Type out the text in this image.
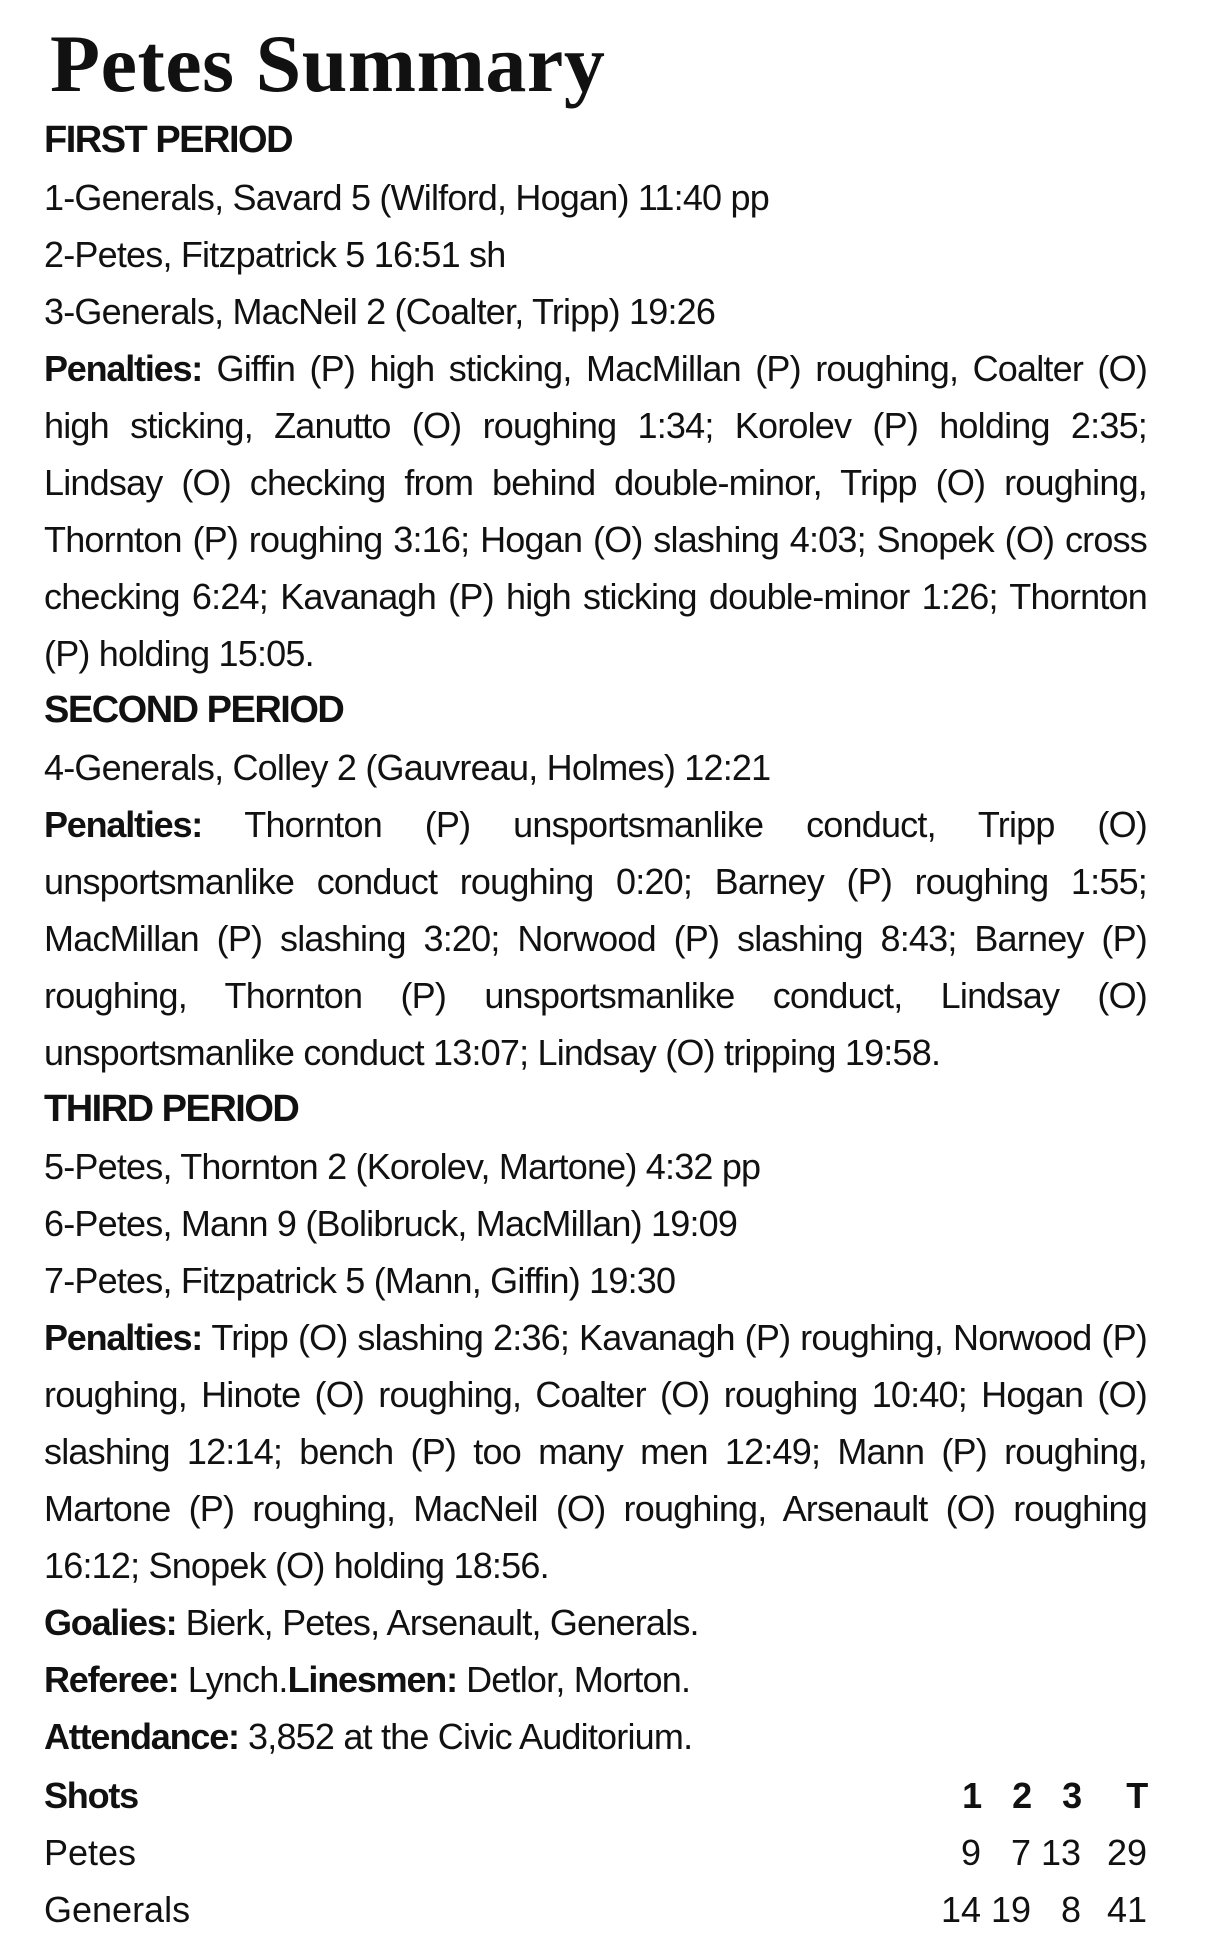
Petes Summary

FIRST PERIOD

1-Generals, Savard 5 (Wilford, Hogan) 11:40 pp

2-Petes, Fitzpatrick 5 16:51 sh

3-Generals, MacNeil 2 (Coalter, Tripp) 19:26

Penalties: Giffin (P) high sticking, MacMillan (P) roughing, Coalter (O) high sticking, Zanutto (O) roughing 1:34; Korolev (P) holding 2:35; Lindsay (O) checking from behind double-minor, Tripp (O) roughing, Thornton (P) roughing 3:16; Hogan (O) slashing 4:03; Snopek (O) cross checking 6:24; Kavanagh (P) high sticking double-minor 1:26; Thornton (P) holding 15:05.

SECOND PERIOD

4-Generals, Colley 2 (Gauvreau, Holmes) 12:21

Penalties: Thornton (P) unsportsmanlike conduct, Tripp (O) unsportsmanlike conduct roughing 0:20; Barney (P) roughing 1:55; MacMillan (P) slashing 3:20; Norwood (P) slashing 8:43; Barney (P) roughing, Thornton (P) unsportsmanlike conduct, Lindsay (O) unsportsmanlike conduct 13:07; Lindsay (O) tripping 19:58.

THIRD PERIOD

5-Petes, Thornton 2 (Korolev, Martone) 4:32 pp

6-Petes, Mann 9 (Bolibruck, MacMillan) 19:09

7-Petes, Fitzpatrick 5 (Mann, Giffin) 19:30

Penalties: Tripp (O) slashing 2:36; Kavanagh (P) roughing, Norwood (P) roughing, Hinote (O) roughing, Coalter (O) roughing 10:40; Hogan (O) slashing 12:14; bench (P) too many men 12:49; Mann (P) roughing, Martone (P) roughing, MacNeil (O) roughing, Arsenault (O) roughing 16:12; Snopek (O) holding 18:56.

Goalies: Bierk, Petes, Arsenault, Generals.

Referee: Lynch.Linesmen: Detlor, Morton.

Attendance: 3,852 at the Civic Auditorium.

Shots	1	2	3	T
Petes	9	7	13	29
Generals	14	19	8	41
